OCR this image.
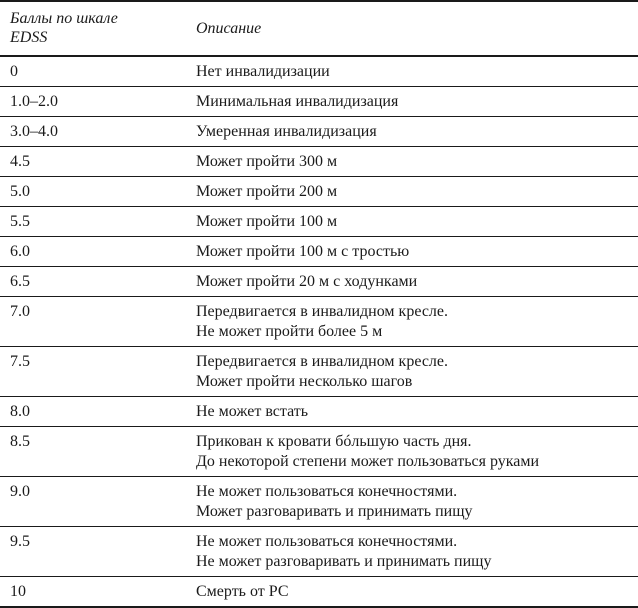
Баллы по шкале
EDSS	Описание
0	Нет инвалидизации

1.0–2.0	Минимальная инвалидизация

3.0–4.0	Умеренная инвалидизация

4.5	Может пройти 300 м

5.0	Может пройти 200 м

5.5	Может пройти 100 м

6.0	Может пройти 100 м с тростью

6.5	Может пройти 20 м с ходунками

7.0	Передвигается в инвалидном кресле.
Не может пройти более 5 м

7.5	Передвигается в инвалидном кресле.
Может пройти несколько шагов

8.0	Не может встать

8.5	Прикован к кровати бóльшую часть дня.
До некоторой степени может пользоваться руками

9.0	Не может пользоваться конечностями.
Может разговаривать и принимать пищу

9.5	Не может пользоваться конечностями.
Не может разговаривать и принимать пищу

10	Смерть от РС
